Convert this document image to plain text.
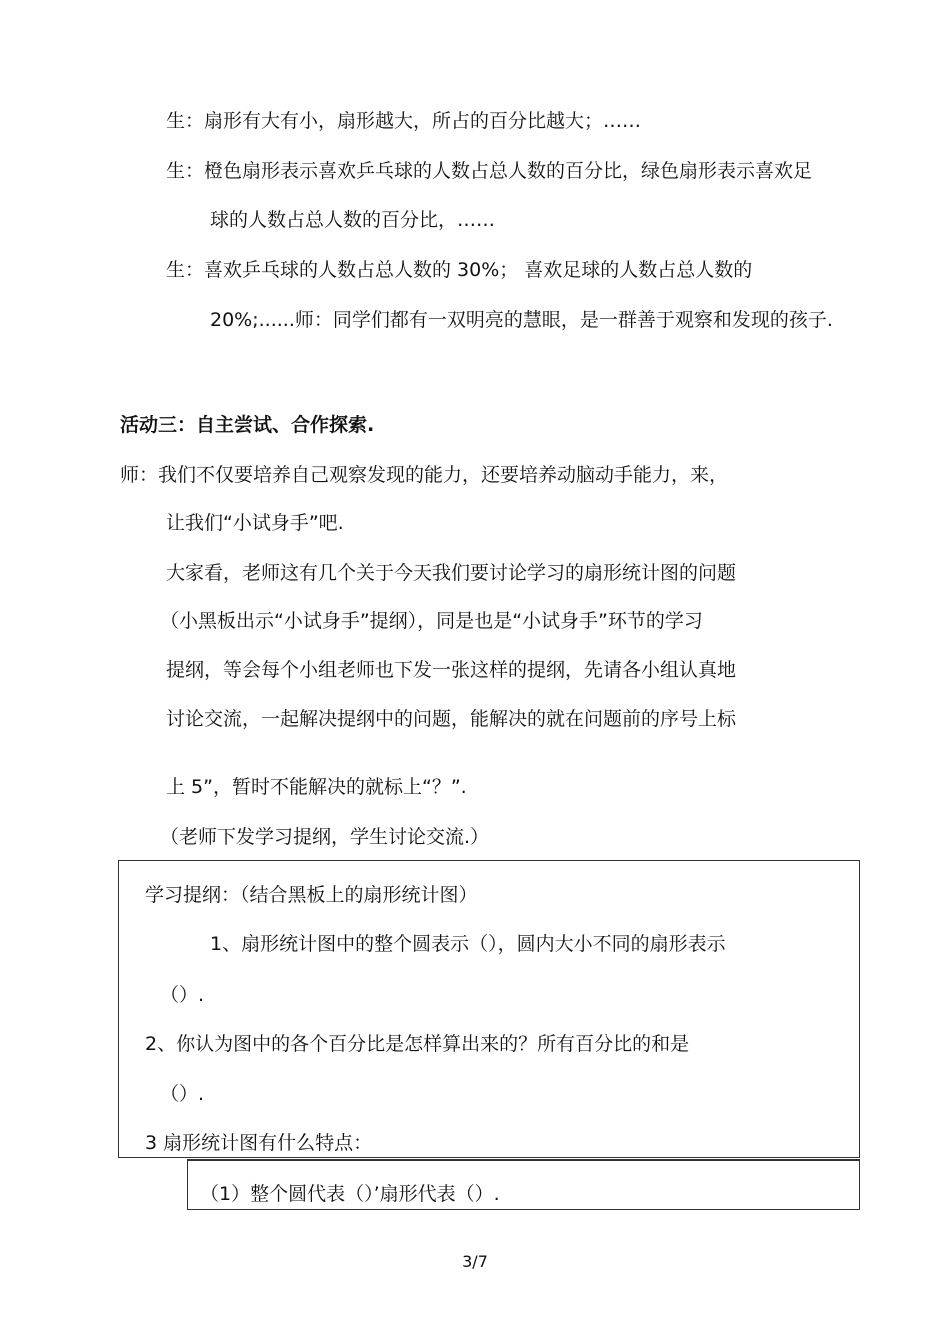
生：扇形有大有小，扇形越大，所占的百分比越大；……
生：橙色扇形表示喜欢乒乓球的人数占总人数的百分比，绿色扇形表示喜欢足
球的人数占总人数的百分比，……
生：喜欢乒乓球的人数占总人数的 30%； 喜欢足球的人数占总人数的
20%;......师：同学们都有一双明亮的慧眼，是一群善于观察和发现的孩子.
活动三：自主尝试、合作探索.
师：我们不仅要培养自己观察发现的能力，还要培养动脑动手能力，来，
让我们“小试身手”吧.
大家看，老师这有几个关于今天我们要讨论学习的扇形统计图的问题
（小黑板出示“小试身手”提纲），同是也是“小试身手”环节的学习
提纲，等会每个小组老师也下发一张这样的提纲，先请各小组认真地
讨论交流，一起解决提纲中的问题，能解决的就在问题前的序号上标
上 5”，暂时不能解决的就标上“？”.
（老师下发学习提纲，学生讨论交流.）
学习提纲：（结合黑板上的扇形统计图）
1、扇形统计图中的整个圆表示（），圆内大小不同的扇形表示
（）.
2、你认为图中的各个百分比是怎样算出来的？所有百分比的和是
（）.
3 扇形统计图有什么特点：
（1）整个圆代表（）’扇形代表（）.
3/7
